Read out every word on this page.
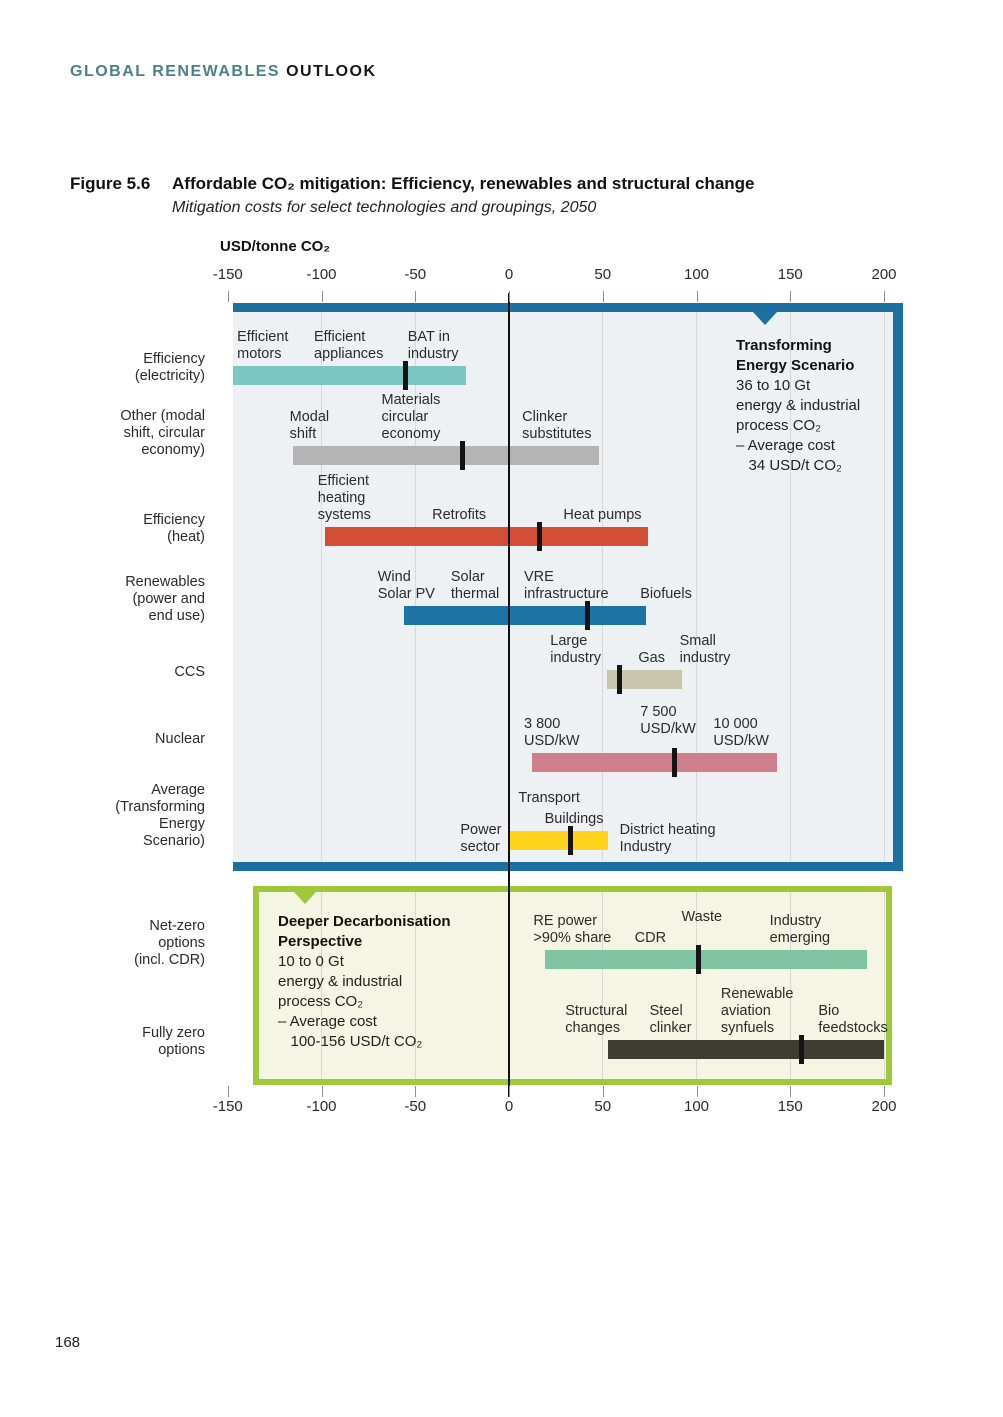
GLOBAL RENEWABLES OUTLOOK
Figure 5.6 Affordable CO₂ mitigation: Efficiency, renewables and structural change
Mitigation costs for select technologies and groupings, 2050
USD/tonne CO₂
Efficiency
(electricity)
Efficient
motors
Efficient
appliances
BAT in
industry
Other (modal
shift, circular
economy)
Modal
shift
Materials
circular
economy
Clinker
substitutes
Efficiency
(heat)
Efficient
heating
systems	Retrofits	Heat pumps
Renewables
(power and
end use)
Wind
Solar PV
Solar
thermal
VRE
infrastructure Biofuels
CCS
Large
industry	Gas
Small
industry
Nuclear
3 800
USD/kW
7 500
USD/kW 10 000
USD/kW
Average
(Transforming
Energy
Scenario)
Power
sector
Transport
Buildings
District heating
Industry
Net-zero
options
(incl. CDR)
RE power
>90% share CDR
Waste	Industry
emerging
Fully zero
options
Structural
changes
Steel
clinker
Renewable
aviation
synfuels
Bio
feedstocks
-150
-150
-100
-100
-50
-50
0
0
50
50
100
100
150
150
200
200
Transforming
Energy Scenario
36 to 10 Gt
energy & industrial
process CO₂
– Average cost
34 USD/t CO₂
Deeper Decarbonisation
Perspective
10 to 0 Gt
energy & industrial
process CO₂
– Average cost
100-156 USD/t CO₂
168
